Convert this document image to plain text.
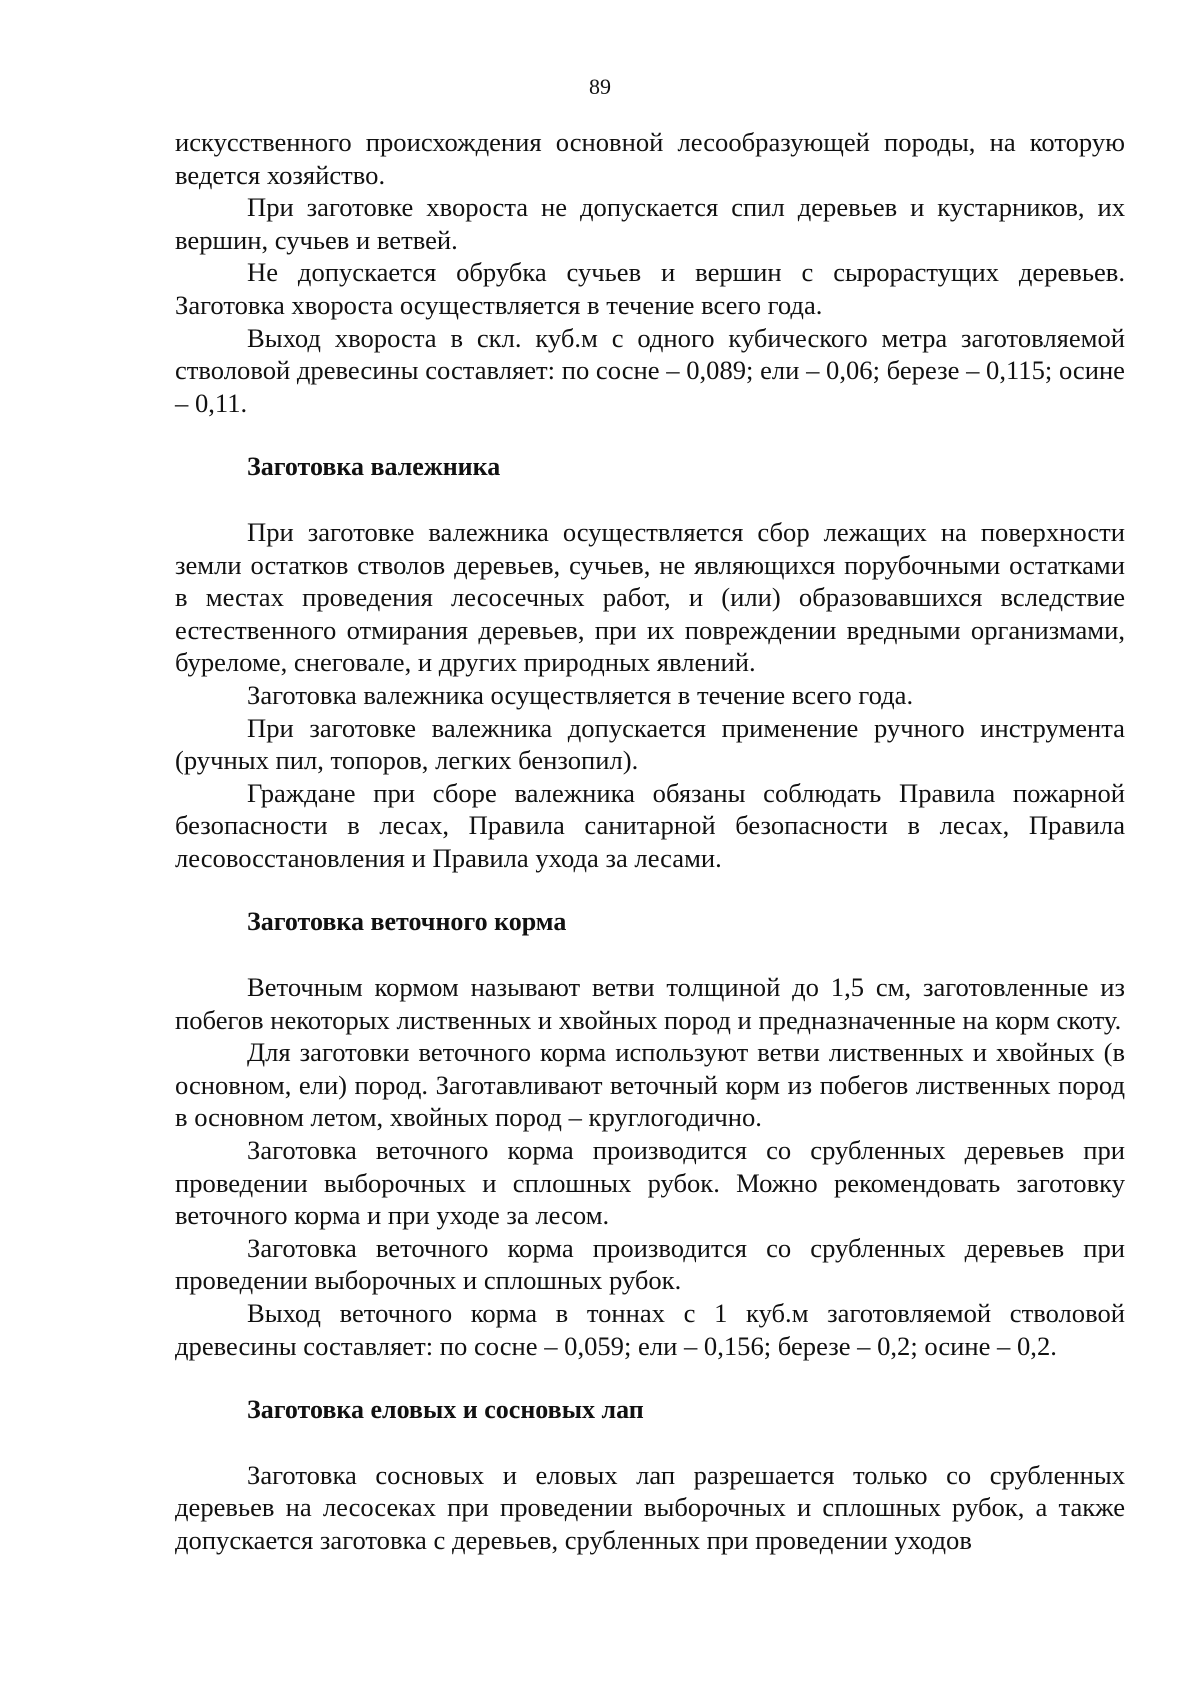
89

искусственного происхождения основной лесообразующей породы, на которую ведется хозяйство.

При заготовке хвороста не допускается спил деревьев и кустарников, их вершин, сучьев и ветвей.

Не допускается обрубка сучьев и вершин с сырорастущих деревьев. Заготовка хвороста осуществляется в течение всего года.

Выход хвороста в скл. куб.м с одного кубического метра заготовляемой стволовой древесины составляет: по сосне – 0,089; ели – 0,06; березе – 0,115; осине – 0,11.

Заготовка валежника

При заготовке валежника осуществляется сбор лежащих на поверхности земли остатков стволов деревьев, сучьев, не являющихся порубочными остатками в местах проведения лесосечных работ, и (или) образовавшихся вследствие естественного отмирания деревьев, при их повреждении вредными организмами, буреломе, снеговале, и других природных явлений.

Заготовка валежника осуществляется в течение всего года.

При заготовке валежника допускается применение ручного инструмента (ручных пил, топоров, легких бензопил).

Граждане при сборе валежника обязаны соблюдать Правила пожарной безопасности в лесах, Правила санитарной безопасности в лесах, Правила лесовосстановления и Правила ухода за лесами.

Заготовка веточного корма

Веточным кормом называют ветви толщиной до 1,5 см, заготовленные из побегов некоторых лиственных и хвойных пород и предназначенные на корм скоту.

Для заготовки веточного корма используют ветви лиственных и хвойных (в основном, ели) пород. Заготавливают веточный корм из побегов лиственных пород в основном летом, хвойных пород – круглогодично.

Заготовка веточного корма производится со срубленных деревьев при проведении выборочных и сплошных рубок. Можно рекомендовать заготовку веточного корма и при уходе за лесом.

Заготовка веточного корма производится со срубленных деревьев при проведении выборочных и сплошных рубок.

Выход веточного корма в тоннах с 1 куб.м заготовляемой стволовой древесины составляет: по сосне – 0,059; ели – 0,156; березе – 0,2; осине – 0,2.

Заготовка еловых и сосновых лап

Заготовка сосновых и еловых лап разрешается только со срубленных деревьев на лесосеках при проведении выборочных и сплошных рубок, а также допускается заготовка с деревьев, срубленных при проведении уходов
